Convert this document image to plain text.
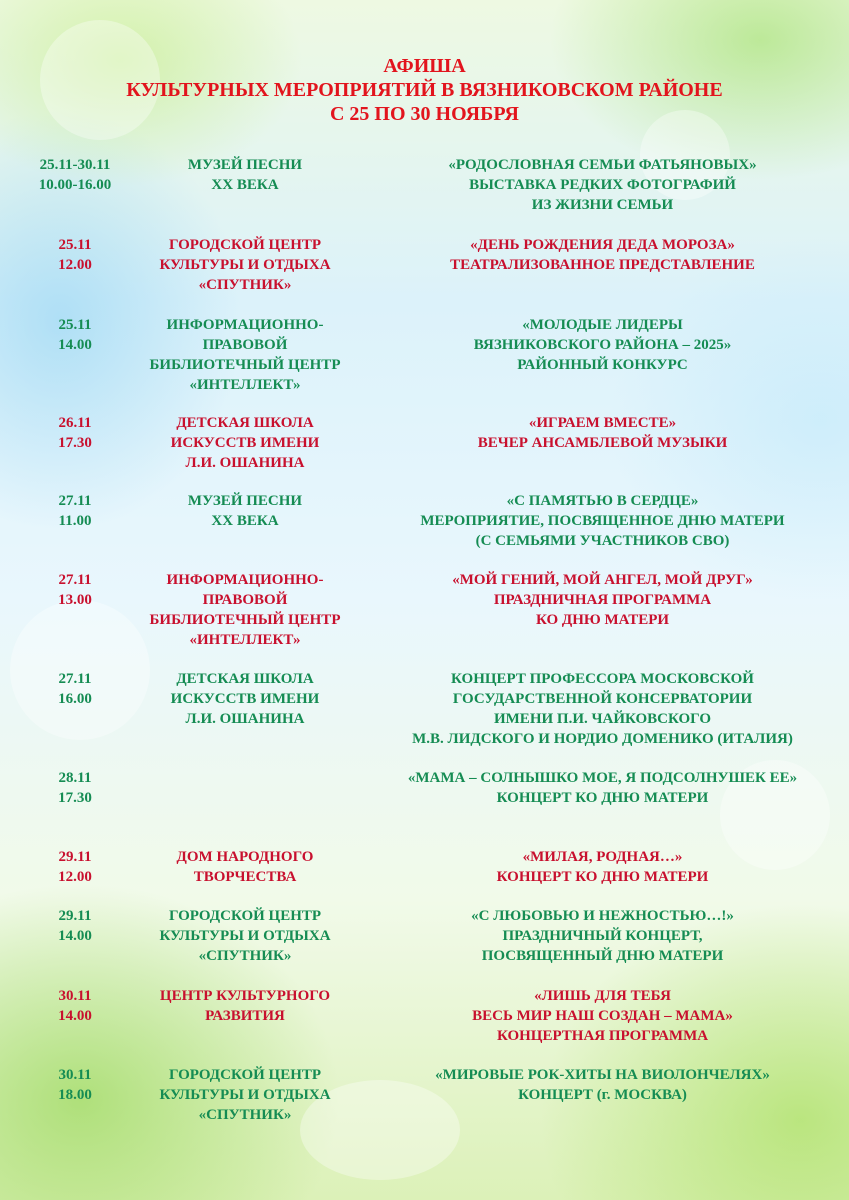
АФИША
КУЛЬТУРНЫХ МЕРОПРИЯТИЙ В ВЯЗНИКОВСКОМ РАЙОНЕ
С 25 ПО 30 НОЯБРЯ
25.11-30.11
10.00-16.00
МУЗЕЙ ПЕСНИ
XX ВЕКА
«РОДОСЛОВНАЯ СЕМЬИ ФАТЬЯНОВЫХ»
ВЫСТАВКА РЕДКИХ ФОТОГРАФИЙ
ИЗ ЖИЗНИ СЕМЬИ
25.11
12.00
ГОРОДСКОЙ ЦЕНТР
КУЛЬТУРЫ И ОТДЫХА
«СПУТНИК»
«ДЕНЬ РОЖДЕНИЯ ДЕДА МОРОЗА»
ТЕАТРАЛИЗОВАННОЕ ПРЕДСТАВЛЕНИЕ
25.11
14.00
ИНФОРМАЦИОННО-
ПРАВОВОЙ
БИБЛИОТЕЧНЫЙ ЦЕНТР
«ИНТЕЛЛЕКТ»
«МОЛОДЫЕ ЛИДЕРЫ
ВЯЗНИКОВСКОГО РАЙОНА – 2025»
РАЙОННЫЙ КОНКУРС
26.11
17.30
ДЕТСКАЯ ШКОЛА
ИСКУССТВ ИМЕНИ
Л.И. ОШАНИНА
«ИГРАЕМ ВМЕСТЕ»
ВЕЧЕР АНСАМБЛЕВОЙ МУЗЫКИ
27.11
11.00
МУЗЕЙ ПЕСНИ
XX ВЕКА
«С ПАМЯТЬЮ В СЕРДЦЕ»
МЕРОПРИЯТИЕ, ПОСВЯЩЕННОЕ ДНЮ МАТЕРИ
(С СЕМЬЯМИ УЧАСТНИКОВ СВО)
27.11
13.00
ИНФОРМАЦИОННО-
ПРАВОВОЙ
БИБЛИОТЕЧНЫЙ ЦЕНТР
«ИНТЕЛЛЕКТ»
«МОЙ ГЕНИЙ, МОЙ АНГЕЛ, МОЙ ДРУГ»
ПРАЗДНИЧНАЯ ПРОГРАММА
КО ДНЮ МАТЕРИ
27.11
16.00
ДЕТСКАЯ ШКОЛА
ИСКУССТВ ИМЕНИ
Л.И. ОШАНИНА
КОНЦЕРТ ПРОФЕССОРА МОСКОВСКОЙ
ГОСУДАРСТВЕННОЙ КОНСЕРВАТОРИИ
ИМЕНИ П.И. ЧАЙКОВСКОГО
М.В. ЛИДСКОГО И НОРДИО ДОМЕНИКО (ИТАЛИЯ)
28.11
17.30
«МАМА – СОЛНЫШКО МОЕ, Я ПОДСОЛНУШЕК ЕЕ»
КОНЦЕРТ КО ДНЮ МАТЕРИ
29.11
12.00
ДОМ НАРОДНОГО
ТВОРЧЕСТВА
«МИЛАЯ, РОДНАЯ…»
КОНЦЕРТ КО ДНЮ МАТЕРИ
29.11
14.00
ГОРОДСКОЙ ЦЕНТР
КУЛЬТУРЫ И ОТДЫХА
«СПУТНИК»
«С ЛЮБОВЬЮ И НЕЖНОСТЬЮ…!»
ПРАЗДНИЧНЫЙ КОНЦЕРТ,
ПОСВЯЩЕННЫЙ ДНЮ МАТЕРИ
30.11
14.00
ЦЕНТР КУЛЬТУРНОГО
РАЗВИТИЯ
«ЛИШЬ ДЛЯ ТЕБЯ
ВЕСЬ МИР НАШ СОЗДАН – МАМА»
КОНЦЕРТНАЯ ПРОГРАММА
30.11
18.00
ГОРОДСКОЙ ЦЕНТР
КУЛЬТУРЫ И ОТДЫХА
«СПУТНИК»
«МИРОВЫЕ РОК-ХИТЫ НА ВИОЛОНЧЕЛЯХ»
КОНЦЕРТ (г. МОСКВА)
